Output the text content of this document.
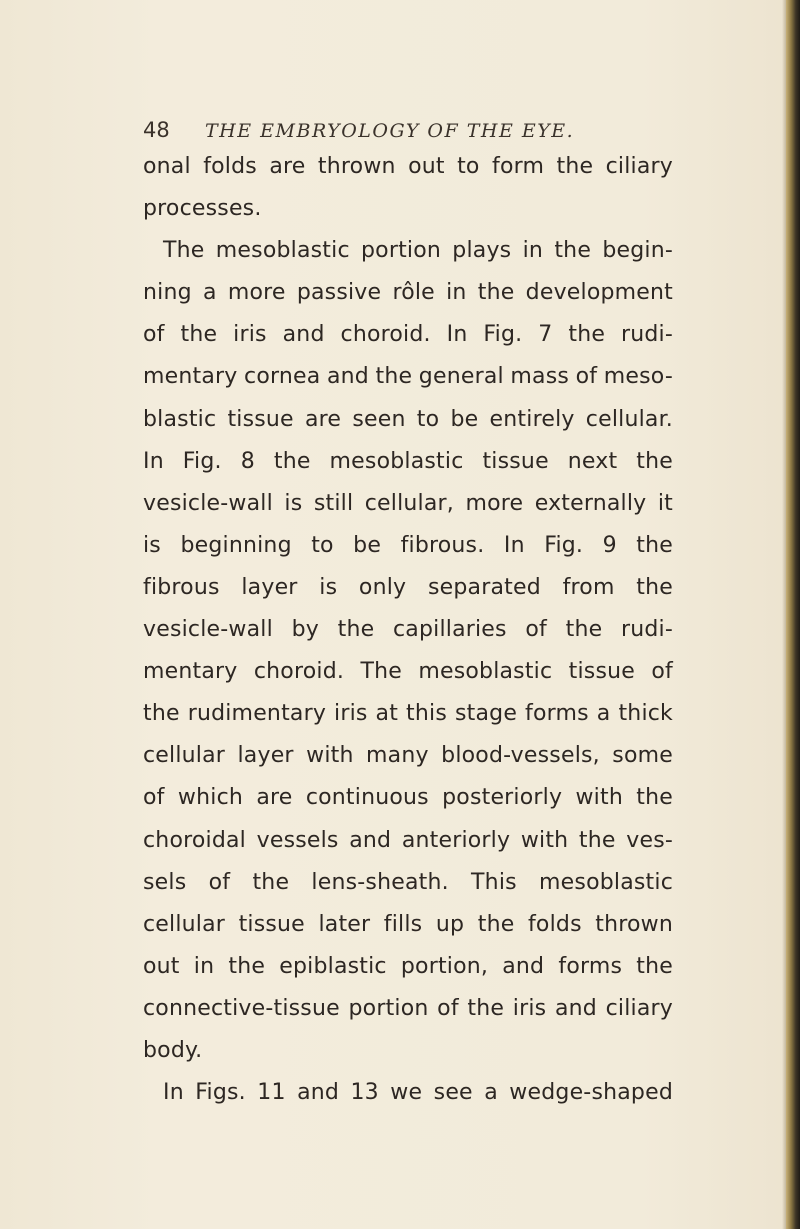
48 THE EMBRYOLOGY OF THE EYE.
onal folds are thrown out to form the ciliary
processes.
The mesoblastic portion plays in the begin-
ning a more passive rôle in the development
of the iris and choroid. In Fig. 7 the rudi-
mentary cornea and the general mass of meso-
blastic tissue are seen to be entirely cellular.
In Fig. 8 the mesoblastic tissue next the
vesicle-wall is still cellular, more externally it
is beginning to be fibrous. In Fig. 9 the
fibrous layer is only separated from the
vesicle-wall by the capillaries of the rudi-
mentary choroid. The mesoblastic tissue of
the rudimentary iris at this stage forms a thick
cellular layer with many blood-vessels, some
of which are continuous posteriorly with the
choroidal vessels and anteriorly with the ves-
sels of the lens-sheath. This mesoblastic
cellular tissue later fills up the folds thrown
out in the epiblastic portion, and forms the
connective-tissue portion of the iris and ciliary
body.
In Figs. 11 and 13 we see a wedge-shaped
